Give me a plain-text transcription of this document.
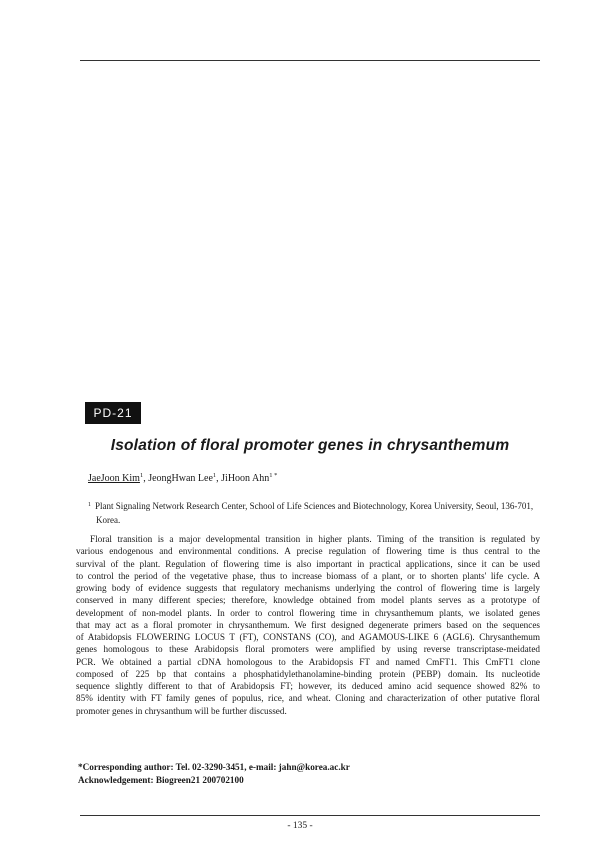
PD-21
Isolation of floral promoter genes in chrysanthemum
JaeJoon Kim$^1$, JeongHwan Lee$^1$, JiHoon Ahn$^{1 *}$
$^1$ Plant Signaling Network Research Center, School of Life Sciences and Biotechnology, Korea University, Seoul, 136-701,
Korea.
Floral transition is a major developmental transition in higher plants. Timing of the transition is regulated by
various endogenous and environmental conditions. A precise regulation of flowering time is thus central to the
survival of the plant. Regulation of flowering time is also important in practical applications, since it can be used
to control the period of the vegetative phase, thus to increase biomass of a plant, or to shorten plants' life cycle. A
growing body of evidence suggests that regulatory mechanisms underlying the control of flowering time is largely
conserved in many different species; therefore, knowledge obtained from model plants serves as a prototype of
development of non-model plants. In order to control flowering time in chrysanthemum plants, we isolated genes
that may act as a floral promoter in chrysanthemum. We first designed degenerate primers based on the sequences
of Atabidopsis FLOWERING LOCUS T (FT), CONSTANS (CO), and AGAMOUS-LIKE 6 (AGL6). Chrysanthemum
genes homologous to these Arabidopsis floral promoters were amplified by using reverse transcriptase-meidated
PCR. We obtained a partial cDNA homologous to the Arabidopsis FT and named CmFT1. This CmFT1 clone
composed of 225 bp that contains a phosphatidylethanolamine-binding protein (PEBP) domain. Its nucleotide
sequence slightly different to that of Arabidopsis FT; however, its deduced amino acid sequence showed 82% to
85% identity with FT family genes of populus, rice, and wheat. Cloning and characterization of other putative floral
promoter genes in chrysanthum will be further discussed.
*Corresponding author: Tel. 02-3290-3451, e-mail: jahn@korea.ac.kr
Acknowledgement: Biogreen21 200702100
- 135 -
